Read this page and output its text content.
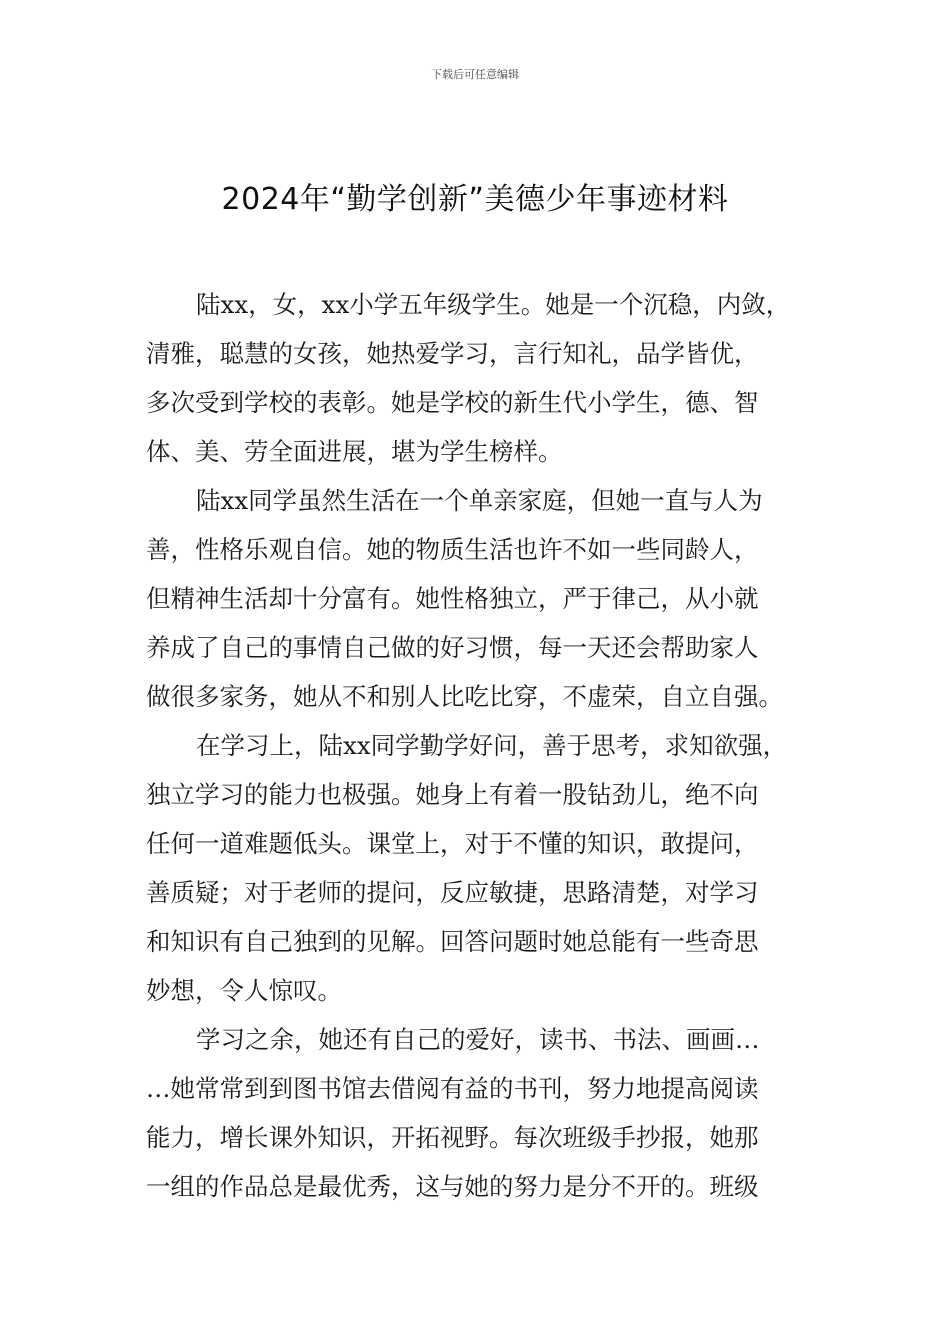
下载后可任意编辑
2024年“勤学创新”美德少年事迹材料
陆xx，女，xx小学五年级学生。她是一个沉稳，内敛，
清雅，聪慧的女孩，她热爱学习，言行知礼，品学皆优，
多次受到学校的表彰。她是学校的新生代小学生，德、智
体、美、劳全面进展，堪为学生榜样。
陆xx同学虽然生活在一个单亲家庭，但她一直与人为
善，性格乐观自信。她的物质生活也许不如一些同龄人，
但精神生活却十分富有。她性格独立，严于律己，从小就
养成了自己的事情自己做的好习惯，每一天还会帮助家人
做很多家务，她从不和别人比吃比穿，不虚荣，自立自强。
在学习上，陆xx同学勤学好问，善于思考，求知欲强，
独立学习的能力也极强。她身上有着一股钻劲儿，绝不向
任何一道难题低头。课堂上，对于不懂的知识，敢提问，
善质疑；对于老师的提问，反应敏捷，思路清楚，对学习
和知识有自己独到的见解。回答问题时她总能有一些奇思
妙想，令人惊叹。
学习之余，她还有自己的爱好，读书、书法、画画…
…她常常到到图书馆去借阅有益的书刊，努力地提高阅读
能力，增长课外知识，开拓视野。每次班级手抄报，她那
一组的作品总是最优秀，这与她的努力是分不开的。班级
